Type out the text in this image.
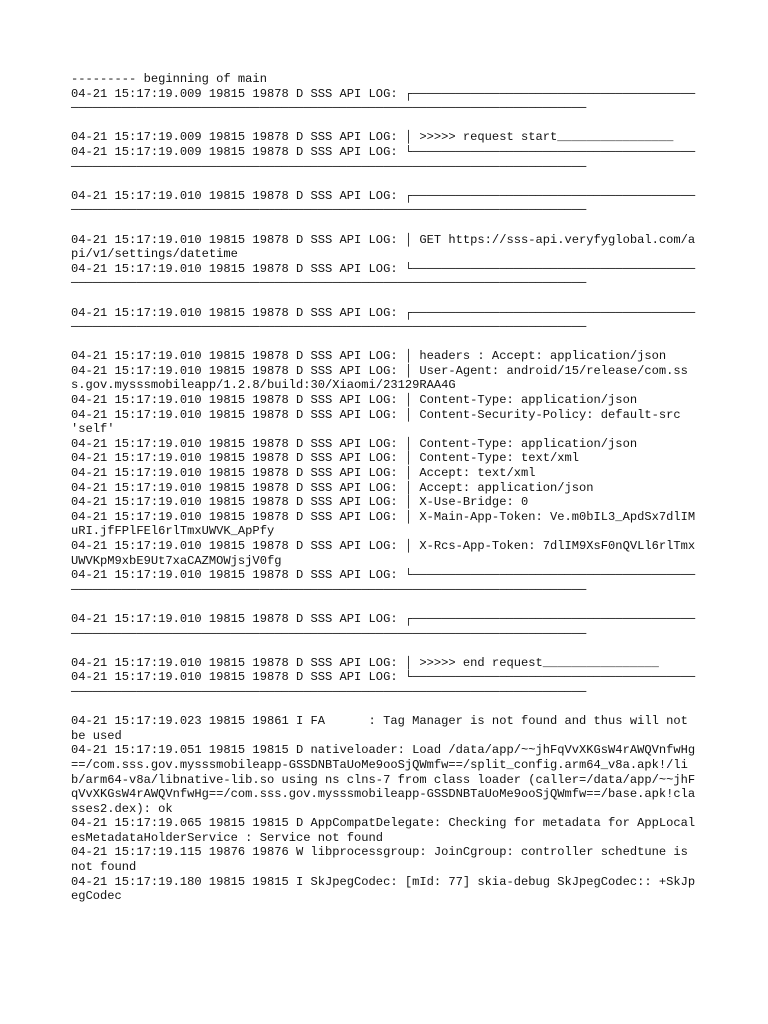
--------- beginning of main
04-21 15:17:19.009 19815 19878 D SSS API LOG: ┌──────────────────────────────────────────────────────────────────────────────────────────────────────────────
04-21 15:17:19.009 19815 19878 D SSS API LOG: │ >>>>> request start________________
04-21 15:17:19.009 19815 19878 D SSS API LOG: └──────────────────────────────────────────────────────────────────────────────────────────────────────────────
04-21 15:17:19.010 19815 19878 D SSS API LOG: ┌──────────────────────────────────────────────────────────────────────────────────────────────────────────────
04-21 15:17:19.010 19815 19878 D SSS API LOG: │ GET https://sss-api.veryfyglobal.com/api/v1/settings/datetime
04-21 15:17:19.010 19815 19878 D SSS API LOG: └──────────────────────────────────────────────────────────────────────────────────────────────────────────────
04-21 15:17:19.010 19815 19878 D SSS API LOG: ┌──────────────────────────────────────────────────────────────────────────────────────────────────────────────
04-21 15:17:19.010 19815 19878 D SSS API LOG: │ headers : Accept: application/json
04-21 15:17:19.010 19815 19878 D SSS API LOG: │ User-Agent: android/15/release/com.sss.gov.mysssmobileapp/1.2.8/build:30/Xiaomi/23129RAA4G
04-21 15:17:19.010 19815 19878 D SSS API LOG: │ Content-Type: application/json
04-21 15:17:19.010 19815 19878 D SSS API LOG: │ Content-Security-Policy: default-src 'self'
04-21 15:17:19.010 19815 19878 D SSS API LOG: │ Content-Type: application/json
04-21 15:17:19.010 19815 19878 D SSS API LOG: │ Content-Type: text/xml
04-21 15:17:19.010 19815 19878 D SSS API LOG: │ Accept: text/xml
04-21 15:17:19.010 19815 19878 D SSS API LOG: │ Accept: application/json
04-21 15:17:19.010 19815 19878 D SSS API LOG: │ X-Use-Bridge: 0
04-21 15:17:19.010 19815 19878 D SSS API LOG: │ X-Main-App-Token: Ve.m0bIL3_ApdSx7dlIMuRI.jfFPlFEl6rlTmxUWVK_ApPfy
04-21 15:17:19.010 19815 19878 D SSS API LOG: │ X-Rcs-App-Token: 7dlIM9XsF0nQVLl6rlTmxUWVKpM9xbE9Ut7xaCAZMOWjsjV0fg
04-21 15:17:19.010 19815 19878 D SSS API LOG: └──────────────────────────────────────────────────────────────────────────────────────────────────────────────
04-21 15:17:19.010 19815 19878 D SSS API LOG: ┌──────────────────────────────────────────────────────────────────────────────────────────────────────────────
04-21 15:17:19.010 19815 19878 D SSS API LOG: │ >>>>> end request________________
04-21 15:17:19.010 19815 19878 D SSS API LOG: └──────────────────────────────────────────────────────────────────────────────────────────────────────────────
04-21 15:17:19.023 19815 19861 I FA      : Tag Manager is not found and thus will not be used
04-21 15:17:19.051 19815 19815 D nativeloader: Load /data/app/~~jhFqVvXKGsW4rAWQVnfwHg==/com.sss.gov.mysssmobileapp-GSSDNBTaUoMe9ooSjQWmfw==/split_config.arm64_v8a.apk!/lib/arm64-v8a/libnative-lib.so using ns clns-7 from class loader (caller=/data/app/~~jhFqVvXKGsW4rAWQVnfwHg==/com.sss.gov.mysssmobileapp-GSSDNBTaUoMe9ooSjQWmfw==/base.apk!classes2.dex): ok
04-21 15:17:19.065 19815 19815 D AppCompatDelegate: Checking for metadata for AppLocalesMetadataHolderService : Service not found
04-21 15:17:19.115 19876 19876 W libprocessgroup: JoinCgroup: controller schedtune is not found
04-21 15:17:19.180 19815 19815 I SkJpegCodec: [mId: 77] skia-debug SkJpegCodec:: +SkJpegCodec
